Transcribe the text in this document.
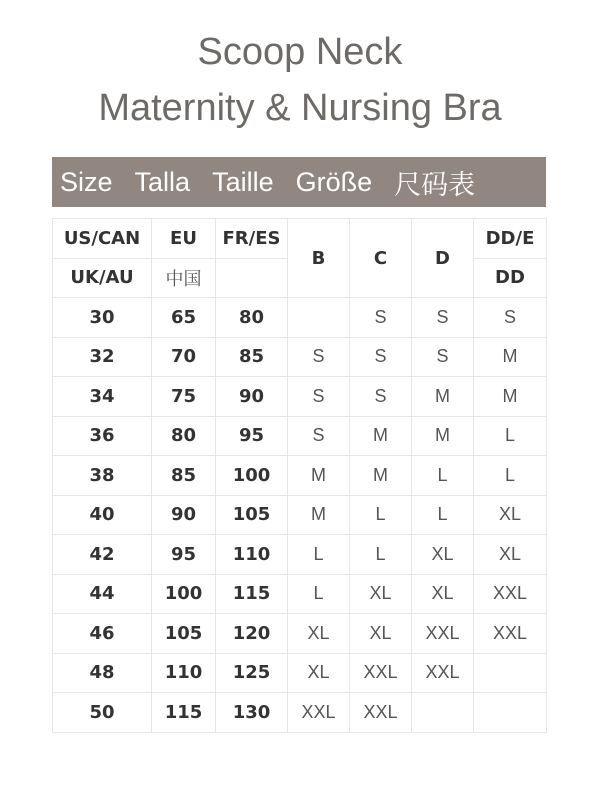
Scoop Neck
Maternity & Nursing Bra
Size Talla Taille Größe 尺码表
US/CAN	EU	FR/ES	B	C	D	DD/E
UK/AU	中国					DD
30	65	80		S	S	S
32	70	85	S	S	S	M
34	75	90	S	S	M	M
36	80	95	S	M	M	L
38	85	100	M	M	L	L
40	90	105	M	L	L	XL
42	95	110	L	L	XL	XL
44	100	115	L	XL	XL	XXL
46	105	120	XL	XL	XXL	XXL
48	110	125	XL	XXL	XXL	
50	115	130	XXL	XXL		
